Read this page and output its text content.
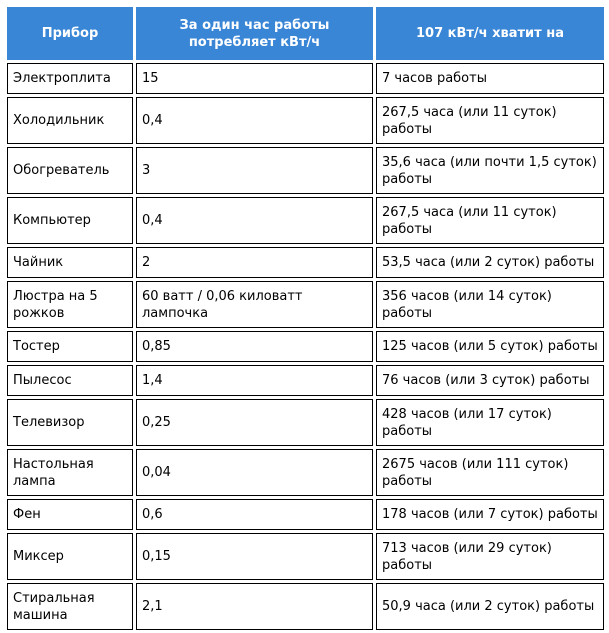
Прибор	За один час работы потребляет кВт/ч	107 кВт/ч хватит на
Электроплита	15	7 часов работы
Холодильник	0,4	267,5 часа (или 11 суток) работы
Обогреватель	3	35,6 часа (или почти 1,5 суток) работы
Компьютер	0,4	267,5 часа (или 11 суток) работы
Чайник	2	53,5 часа (или 2 суток) работы
Люстра на 5 рожков	60 ватт / 0,06 киловатт лампочка	356 часов (или 14 суток) работы
Тостер	0,85	125 часов (или 5 суток) работы
Пылесос	1,4	76 часов (или 3 суток) работы
Телевизор	0,25	428 часов (или 17 суток) работы
Настольная лампа	0,04	2675 часов (или 111 суток) работы
Фен	0,6	178 часов (или 7 суток) работы
Миксер	0,15	713 часов (или 29 суток) работы
Стиральная машина	2,1	50,9 часа (или 2 суток) работы
